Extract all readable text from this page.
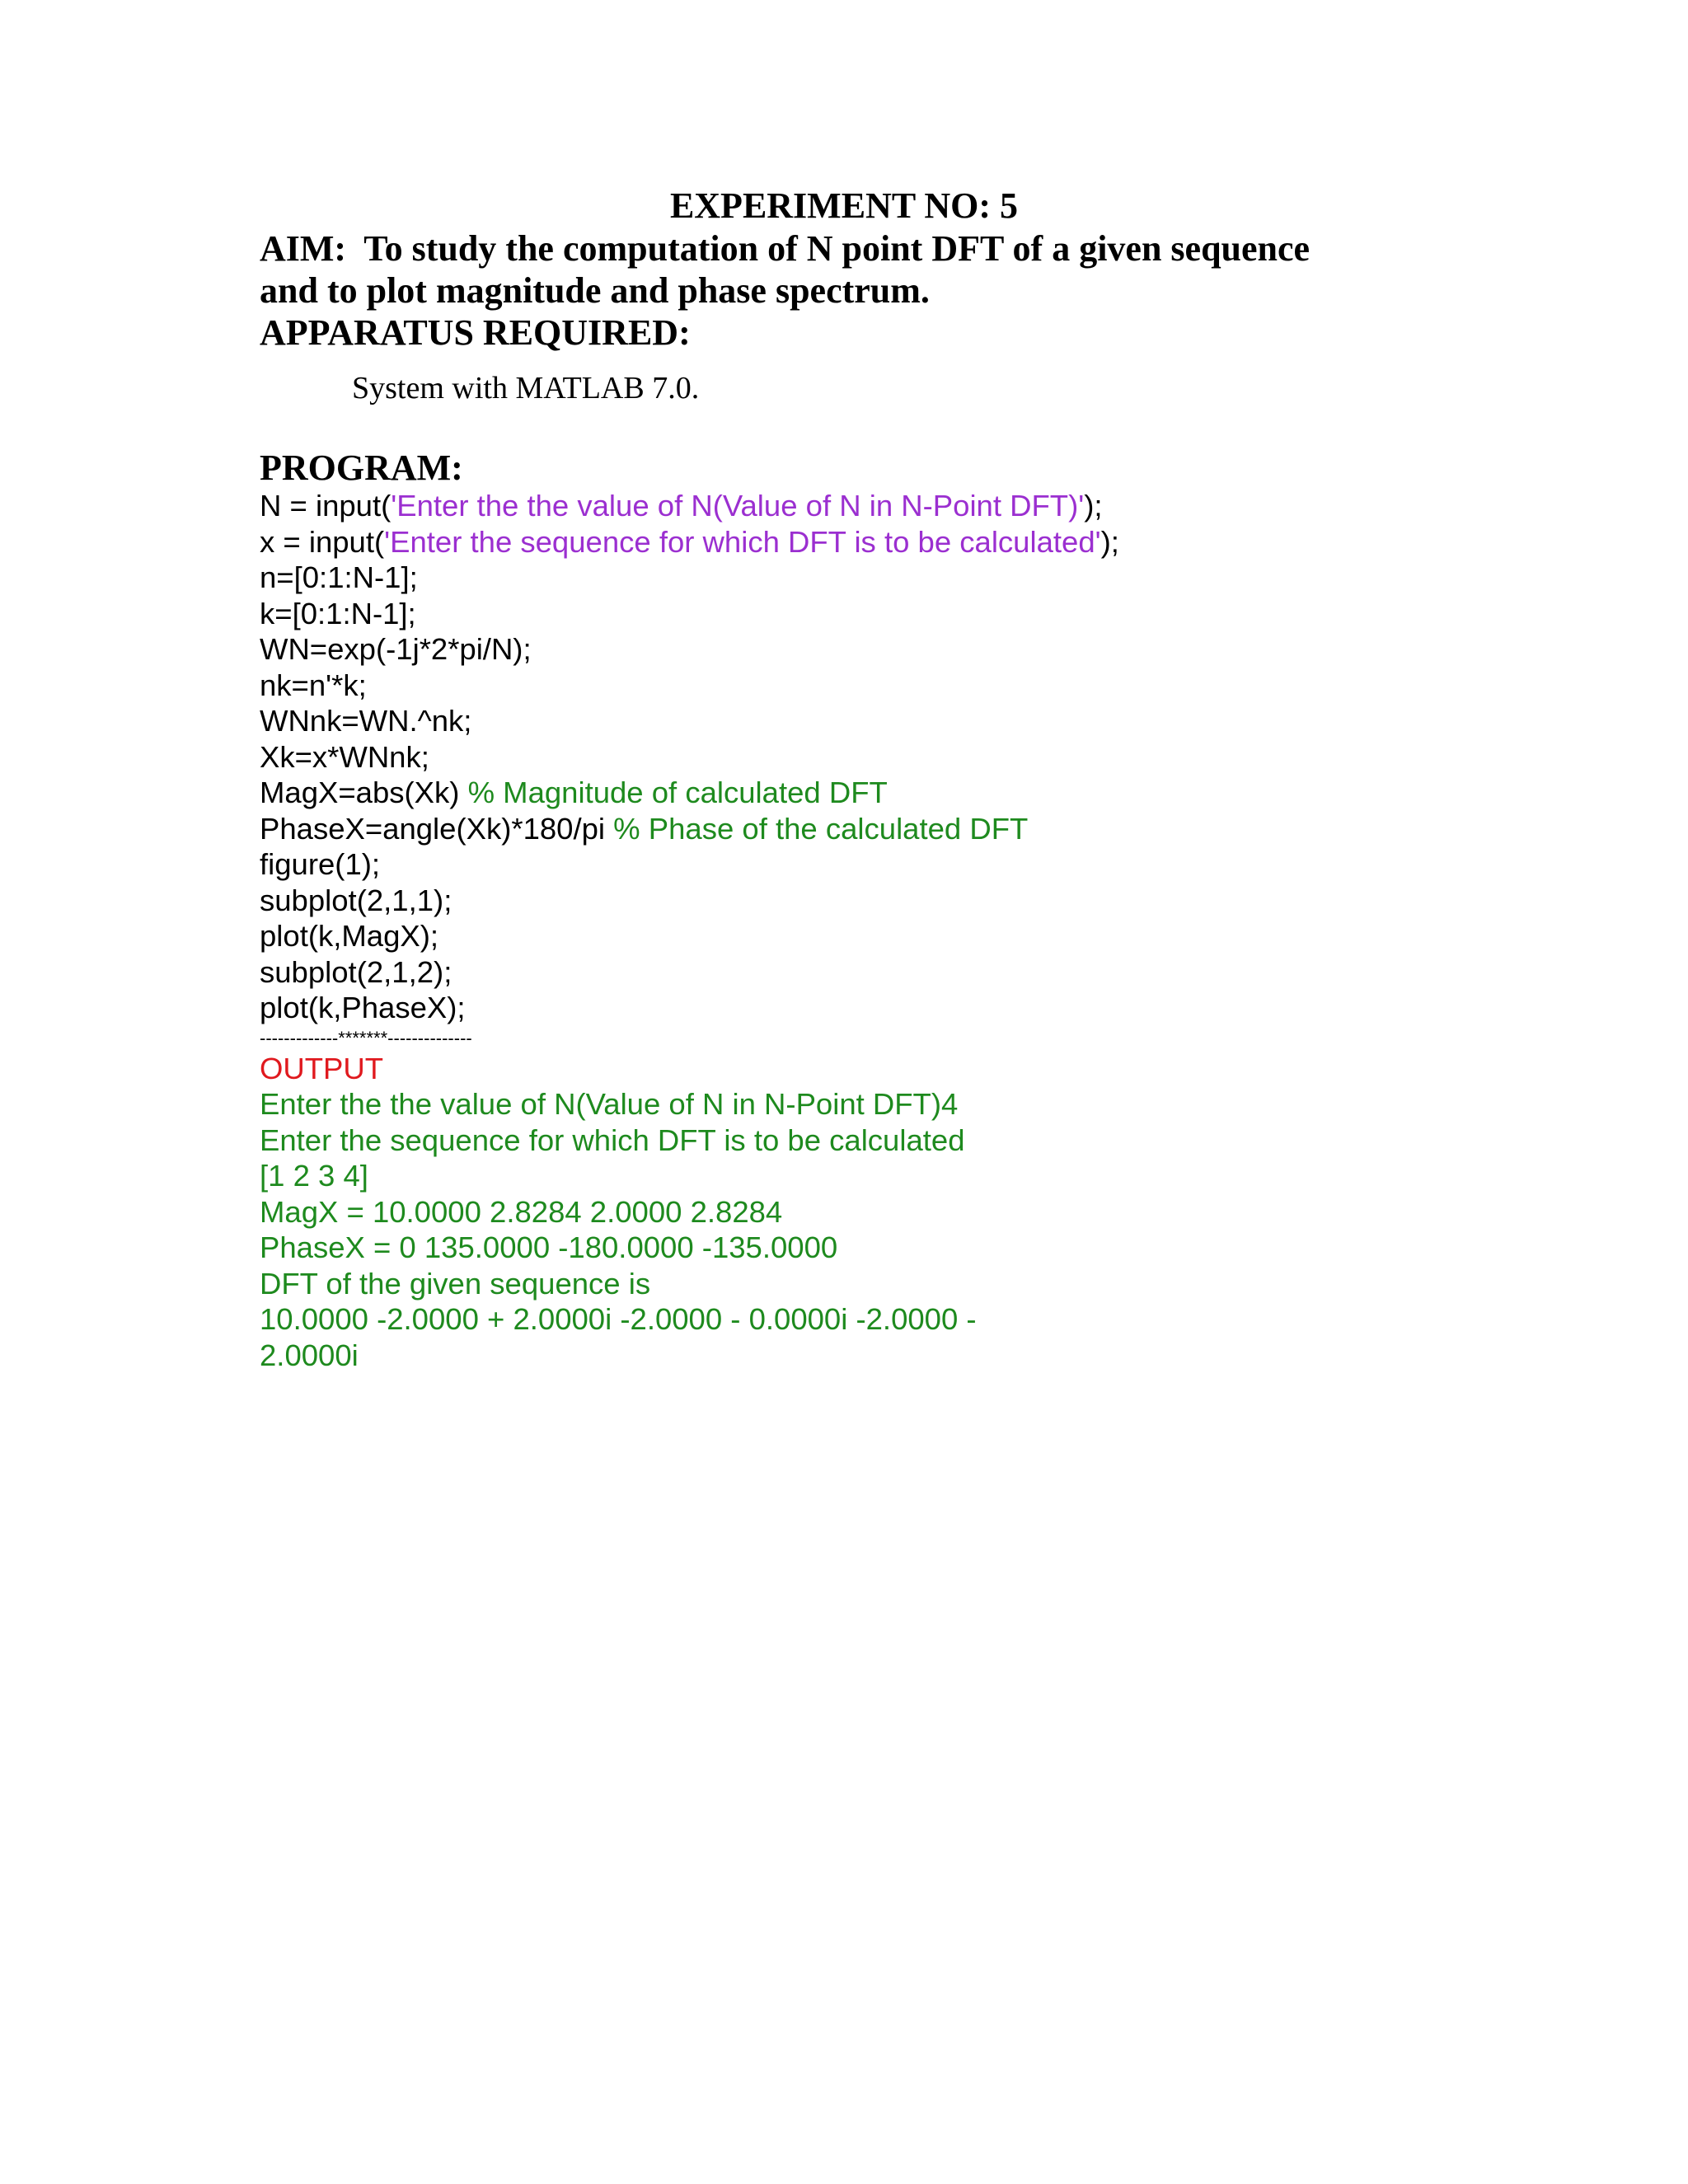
EXPERIMENT NO: 5
AIM:  To study the computation of N point DFT of a given sequence
and to plot magnitude and phase spectrum.
APPARATUS REQUIRED:
System with MATLAB 7.0.
PROGRAM:
N = input('Enter the the value of N(Value of N in N-Point DFT)');
x = input('Enter the sequence for which DFT is to be calculated');
n=[0:1:N-1];
k=[0:1:N-1];
WN=exp(-1j*2*pi/N);
nk=n'*k;
WNnk=WN.^nk;
Xk=x*WNnk;
MagX=abs(Xk) % Magnitude of calculated DFT
PhaseX=angle(Xk)*180/pi % Phase of the calculated DFT
figure(1);
subplot(2,1,1);
plot(k,MagX);
subplot(2,1,2);
plot(k,PhaseX);
-------------*******--------------
OUTPUT
Enter the the value of N(Value of N in N-Point DFT)4
Enter the sequence for which DFT is to be calculated
[1 2 3 4]
MagX = 10.0000 2.8284 2.0000 2.8284
PhaseX = 0 135.0000 -180.0000 -135.0000
DFT of the given sequence is
10.0000 -2.0000 + 2.0000i -2.0000 - 0.0000i -2.0000 -
2.0000i
